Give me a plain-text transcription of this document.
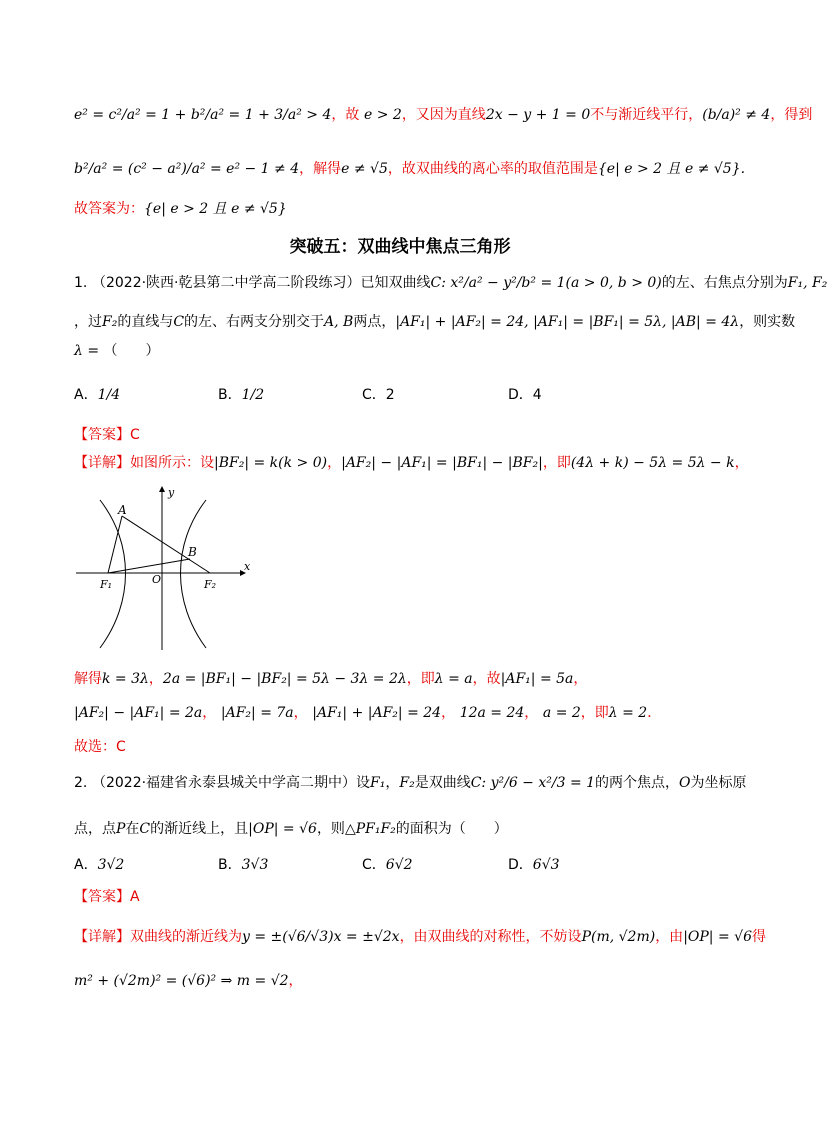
e² = c²/a² = 1 + b²/a² = 1 + 3/a² > 4，故 e > 2，又因为直线2x − y + 1 = 0不与渐近线平行，(b/a)² ≠ 4，得到
b²/a² = (c² − a²)/a² = e² − 1 ≠ 4，解得e ≠ √5，故双曲线的离心率的取值范围是{e| e > 2 且 e ≠ √5}.
故答案为：{e| e > 2 且 e ≠ √5}
突破五：双曲线中焦点三角形
1. （2022·陕西·乾县第二中学高二阶段练习）已知双曲线C: x²/a² − y²/b² = 1(a > 0, b > 0)的左、右焦点分别为F₁, F₂
，过F₂的直线与C的左、右两支分别交于A, B两点，|AF₁| + |AF₂| = 24, |AF₁| = |BF₁| = 5λ, |AB| = 4λ，则实数
λ = （　　）
A．1/4	B．1/2	C．2	D．4
【答案】C
【详解】如图所示：设|BF₂| = k(k > 0)，|AF₂| − |AF₁| = |BF₁| − |BF₂|，即(4λ + k) − 5λ = 5λ − k，
y
x
A
B
O
F₁	F₂
解得k = 3λ，2a = |BF₁| − |BF₂| = 5λ − 3λ = 2λ，即λ = a，故|AF₁| = 5a，
|AF₂| − |AF₁| = 2a， |AF₂| = 7a， |AF₁| + |AF₂| = 24， 12a = 24， a = 2，即λ = 2．
故选：C
2. （2022·福建省永泰县城关中学高二期中）设F₁，F₂是双曲线C: y²/6 − x²/3 = 1的两个焦点，O为坐标原
点，点P在C的渐近线上，且|OP| = √6，则△PF₁F₂的面积为（　　）
A．3√2	B．3√3	C．6√2	D．6√3
【答案】A
【详解】双曲线的渐近线为y = ±(√6/√3)x = ±√2x，由双曲线的对称性，不妨设P(m, √2m)，由|OP| = √6得
m² + (√2m)² = (√6)² ⇒ m = √2，
